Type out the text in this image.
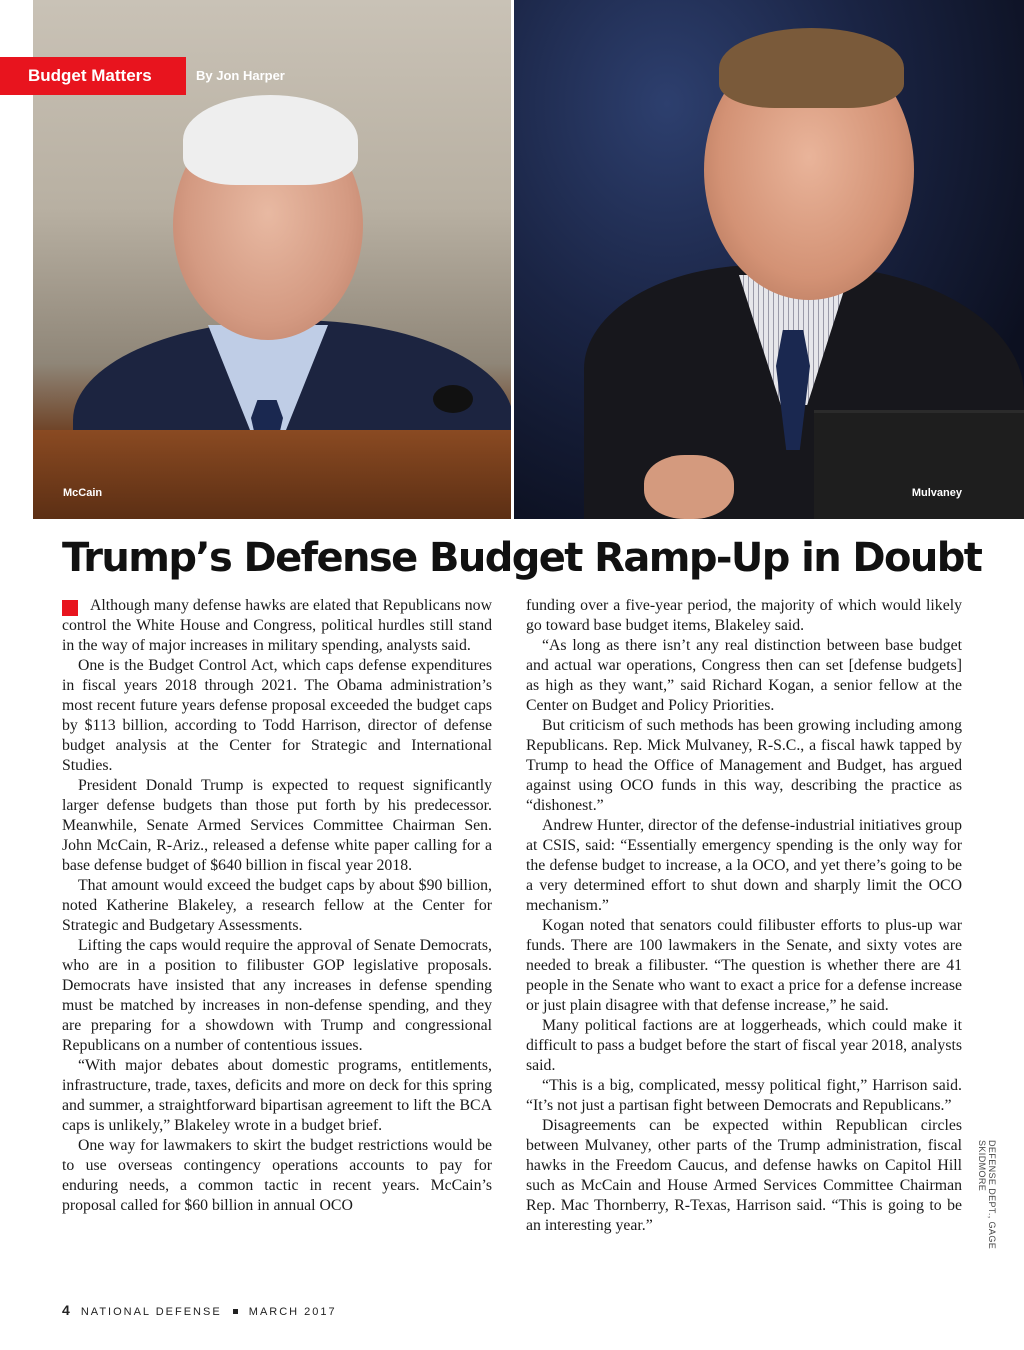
McCain	Mulvaney
Budget Matters	By Jon Harper
Trump’s Defense Budget Ramp-Up in Doubt

Although many defense hawks are elated that Republicans now control the White House and Congress, political hurdles still stand in the way of major increases in military spending, analysts said.

One is the Budget Control Act, which caps defense expenditures in fiscal years 2018 through 2021. The Obama administration’s most recent future years defense proposal exceeded the budget caps by $113 billion, according to Todd Harrison, director of defense budget analysis at the Center for Strategic and International Studies.

President Donald Trump is expected to request significantly larger defense budgets than those put forth by his predecessor. Meanwhile, Senate Armed Services Committee Chairman Sen. John McCain, R-Ariz., released a defense white paper calling for a base defense budget of $640 billion in fiscal year 2018.

That amount would exceed the budget caps by about $90 billion, noted Katherine Blakeley, a research fellow at the Center for Strategic and Budgetary Assessments.

Lifting the caps would require the approval of Senate Democrats, who are in a position to filibuster GOP legislative proposals. Democrats have insisted that any increases in defense spending must be matched by increases in non-defense spending, and they are preparing for a showdown with Trump and congressional Republicans on a number of contentious issues.

“With major debates about domestic programs, entitlements, infrastructure, trade, taxes, deficits and more on deck for this spring and summer, a straightforward bipartisan agreement to lift the BCA caps is unlikely,” Blakeley wrote in a budget brief.

One way for lawmakers to skirt the budget restrictions would be to use overseas contingency operations accounts to pay for enduring needs, a common tactic in recent years. McCain’s proposal called for $60 billion in annual OCO

funding over a five-year period, the majority of which would likely go toward base budget items, Blakeley said.

“As long as there isn’t any real distinction between base budget and actual war operations, Congress then can set [defense budgets] as high as they want,” said Richard Kogan, a senior fellow at the Center on Budget and Policy Priorities.

But criticism of such methods has been growing including among Republicans. Rep. Mick Mulvaney, R-S.C., a fiscal hawk tapped by Trump to head the Office of Management and Budget, has argued against using OCO funds in this way, describing the practice as “dishonest.”

Andrew Hunter, director of the defense-industrial initiatives group at CSIS, said: “Essentially emergency spending is the only way for the defense budget to increase, a la OCO, and yet there’s going to be a very determined effort to shut down and sharply limit the OCO mechanism.”

Kogan noted that senators could filibuster efforts to plus-up war funds. There are 100 lawmakers in the Senate, and sixty votes are needed to break a filibuster. “The question is whether there are 41 people in the Senate who want to exact a price for a defense increase or just plain disagree with that defense increase,” he said.

Many political factions are at loggerheads, which could make it difficult to pass a budget before the start of fiscal year 2018, analysts said.

“This is a big, complicated, messy political fight,” Harrison said. “It’s not just a partisan fight between Democrats and Republicans.”

Disagreements can be expected within Republican circles between Mulvaney, other parts of the Trump administration, fiscal hawks in the Freedom Caucus, and defense hawks on Capitol Hill such as McCain and House Armed Services Committee Chairman Rep. Mac Thornberry, R-Texas, Harrison said. “This is going to be an interesting year.”	DEFENSE DEPT., GAGE SKIDMORE
4 NATIONAL DEFENSE MARCH 2017
